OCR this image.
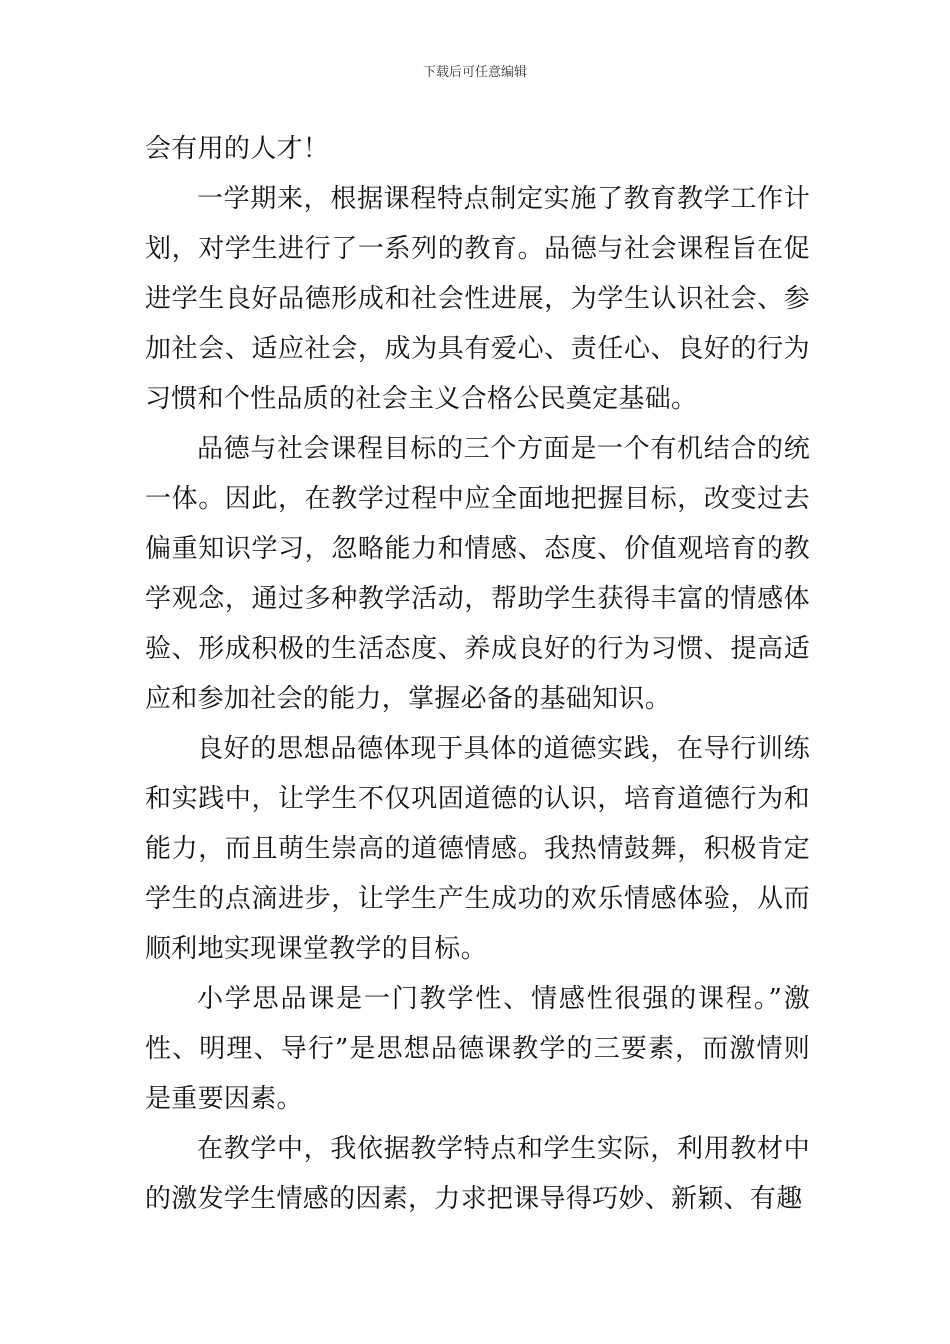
下载后可任意编辑

会有用的人才！

一学期来，根据课程特点制定实施了教育教学工作计划，对学生进行了一系列的教育。品德与社会课程旨在促进学生良好品德形成和社会性进展，为学生认识社会、参加社会、适应社会，成为具有爱心、责任心、良好的行为习惯和个性品质的社会主义合格公民奠定基础。

品德与社会课程目标的三个方面是一个有机结合的统一体。因此，在教学过程中应全面地把握目标，改变过去偏重知识学习，忽略能力和情感、态度、价值观培育的教学观念，通过多种教学活动，帮助学生获得丰富的情感体验、形成积极的生活态度、养成良好的行为习惯、提高适应和参加社会的能力，掌握必备的基础知识。

良好的思想品德体现于具体的道德实践，在导行训练和实践中，让学生不仅巩固道德的认识，培育道德行为和能力，而且萌生崇高的道德情感。我热情鼓舞，积极肯定学生的点滴进步，让学生产生成功的欢乐情感体验，从而顺利地实现课堂教学的目标。

小学思品课是一门教学性、情感性很强的课程。”激性、明理、导行”是思想品德课教学的三要素，而激情则是重要因素。

在教学中，我依据教学特点和学生实际，利用教材中的激发学生情感的因素，力求把课导得巧妙、新颖、有趣
